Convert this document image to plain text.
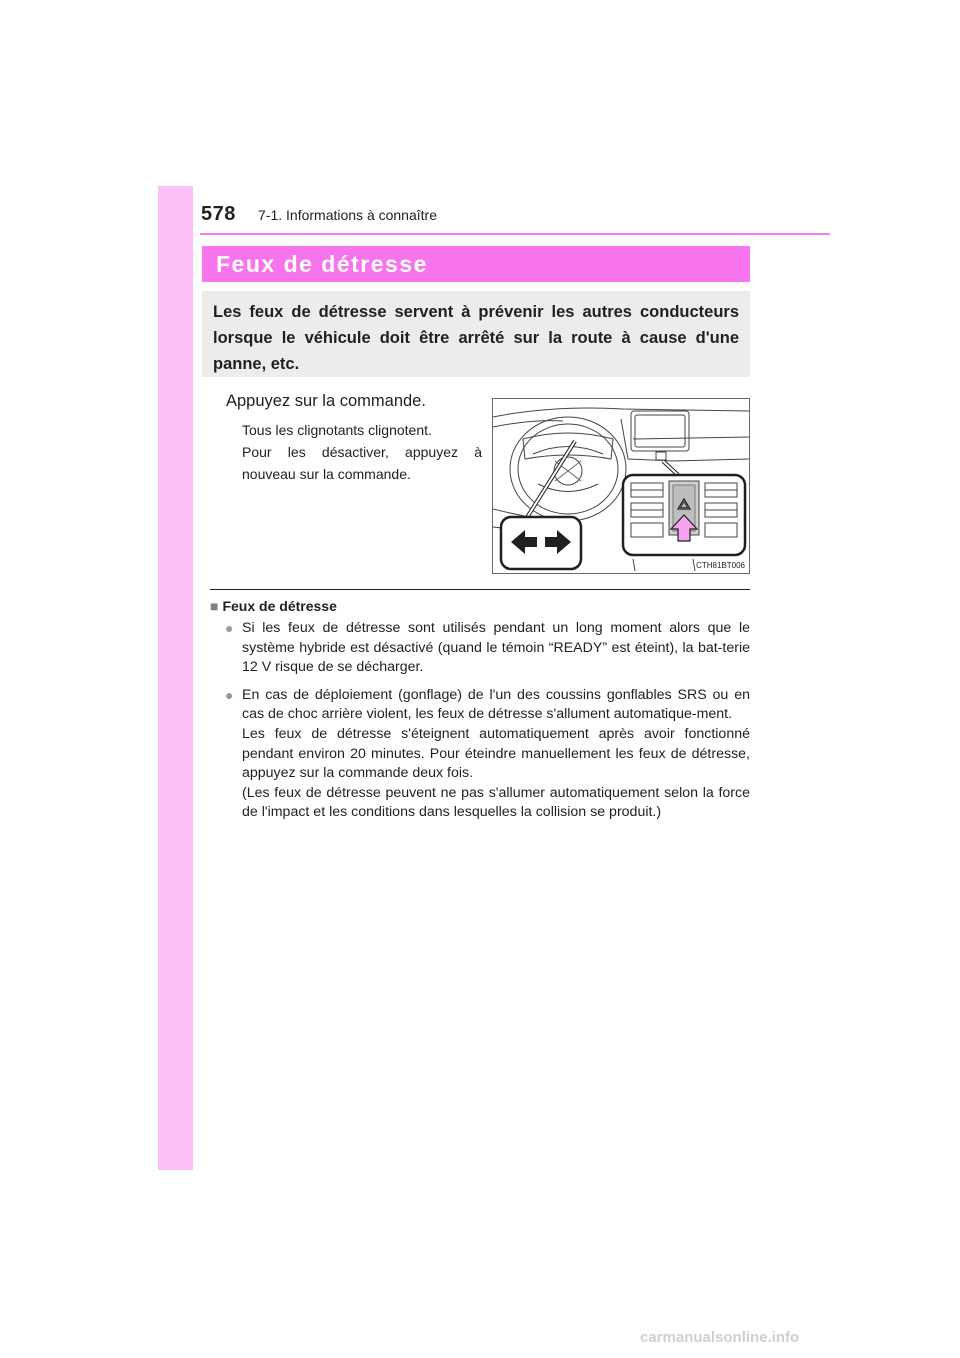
578 7-1. Informations à connaître
Feux de détresse

Les feux de détresse servent à prévenir les autres conducteurs lorsque le véhicule doit être arrêté sur la route à cause d'une panne, etc.

Appuyez sur la commande.

Tous les clignotants clignotent.

Pour les désactiver, appuyez à nouveau sur la commande.

CTH81BT006
■ Feux de détresse
● Si les feux de détresse sont utilisés pendant un long moment alors que le système hybride est désactivé (quand le témoin “READY” est éteint), la bat-terie 12 V risque de se décharger.

● En cas de déploiement (gonflage) de l'un des coussins gonflables SRS ou en cas de choc arrière violent, les feux de détresse s'allument automatique-ment.

Les feux de détresse s'éteignent automatiquement après avoir fonctionné pendant environ 20 minutes. Pour éteindre manuellement les feux de détresse, appuyez sur la commande deux fois.

(Les feux de détresse peuvent ne pas s'allumer automatiquement selon la force de l'impact et les conditions dans lesquelles la collision se produit.)

carmanualsonline.info
